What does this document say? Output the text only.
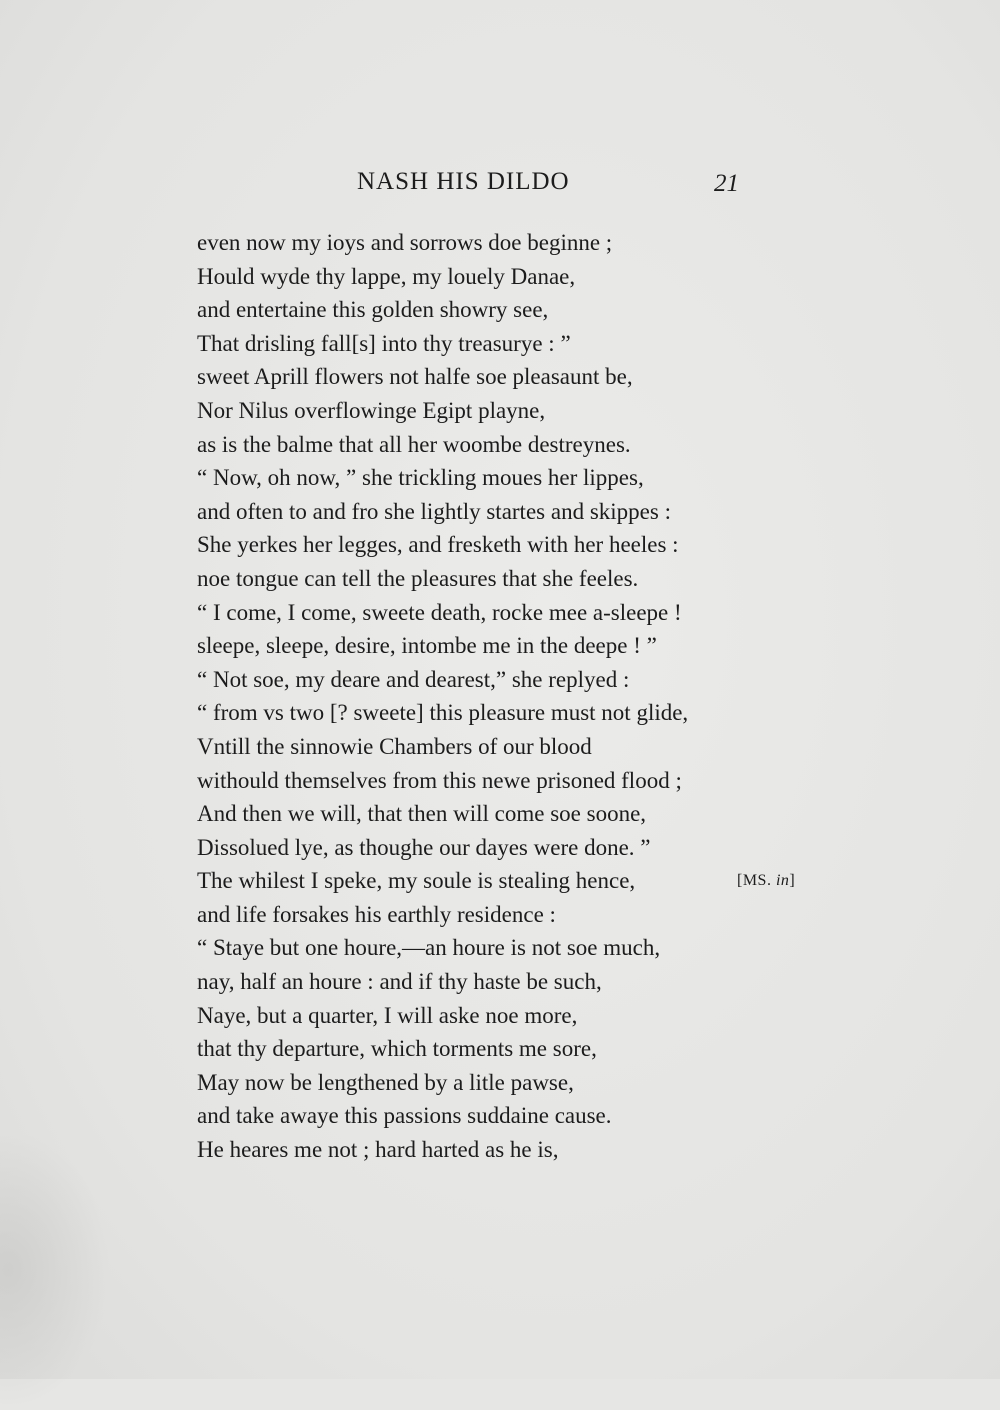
NASH HIS DILDO	21
even now my ioys and sorrows doe beginne ;
Hould wyde thy lappe, my louely Danae,
and entertaine this golden showry see,
That drisling fall[s] into thy treasurye : ”
sweet Aprill flowers not halfe soe pleasaunt be,
Nor Nilus overflowinge Egipt playne,
as is the balme that all her woombe destreynes.
“ Now, oh now, ” she trickling moues her lippes,
and often to and fro she lightly startes and skippes :
She yerkes her legges, and fresketh with her heeles :
noe tongue can tell the pleasures that she feeles.
“ I come, I come, sweete death, rocke mee a-sleepe !
sleepe, sleepe, desire, intombe me in the deepe ! ”
“ Not soe, my deare and dearest,” she replyed :
“ from vs two [? sweete] this pleasure must not glide,
Vntill the sinnowie Chambers of our blood
withould themselves from this newe prisoned flood ;
And then we will, that then will come soe soone,
Dissolued lye, as thoughe our dayes were done. ”
The whilest I speke, my soule is stealing hence,
and life forsakes his earthly residence :
“ Staye but one houre,—an houre is not soe much,
nay, half an houre : and if thy haste be such,
Naye, but a quarter, I will aske noe more,
that thy departure, which torments me sore,
May now be lengthened by a litle pawse,
and take awaye this passions suddaine cause.
He heares me not ; hard harted as he is,
[MS. in]
